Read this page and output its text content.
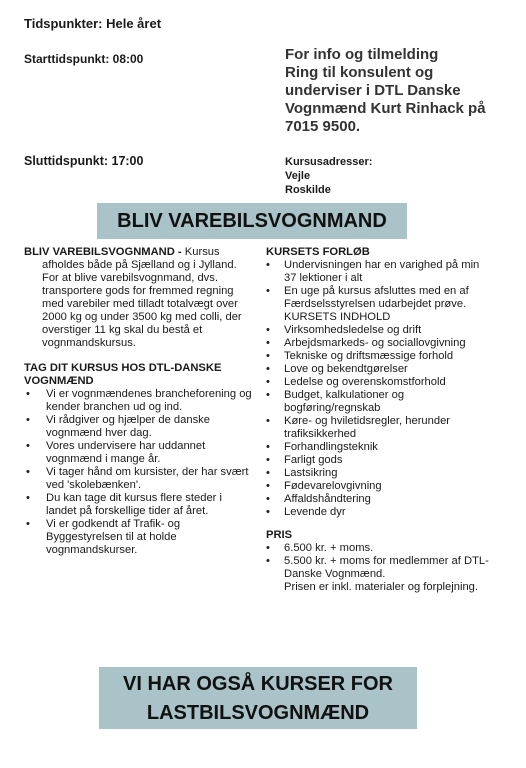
Tidspunkter: Hele året
Starttidspunkt: 08:00
Sluttidspunkt: 17:00
For info og tilmelding
Ring til konsulent og
underviser i DTL Danske
Vognmænd Kurt Rinhack på
7015 9500.
Kursusadresser:
Vejle
Roskilde
BLIV VAREBILSVOGNMAND
BLIV VAREBILSVOGNMAND - Kursus
afholdes både på Sjælland og i Jylland.
For at blive varebilsvognmand, dvs.
transportere gods for fremmed regning
med varebiler med tilladt totalvægt over
2000 kg og under 3500 kg med colli, der
overstiger 11 kg skal du bestå et
vognmandskursus.
TAG DIT KURSUS HOS DTL-DANSKE
VOGNMÆND
• Vi er vognmændenes brancheforening og
kender branchen ud og ind.
• Vi rådgiver og hjælper de danske
vognmænd hver dag.
• Vores undervisere har uddannet
vognmænd i mange år.
• Vi tager hånd om kursister, der har svært
ved 'skolebænken'.
• Du kan tage dit kursus flere steder i
landet på forskellige tider af året.
• Vi er godkendt af Trafik- og
Byggestyrelsen til at holde
vognmandskurser.
KURSETS FORLØB
• Undervisningen har en varighed på min
37 lektioner i alt
• En uge på kursus afsluttes med en af
Færdselsstyrelsen udarbejdet prøve.
KURSETS INDHOLD
• Virksomhedsledelse og drift
• Arbejdsmarkeds- og sociallovgivning
• Tekniske og driftsmæssige forhold
• Love og bekendtgørelser
• Ledelse og overenskomstforhold
• Budget, kalkulationer og
bogføring/regnskab
• Køre- og hviletidsregler, herunder
trafiksikkerhed
• Forhandlingsteknik
• Farligt gods
• Lastsikring
• Fødevarelovgivning
• Affaldshåndtering
• Levende dyr
PRIS
• 6.500 kr. + moms.
• 5.500 kr. + moms for medlemmer af DTL-
Danske Vognmænd.
Prisen er inkl. materialer og forplejning.
VI HAR OGSÅ KURSER FOR
LASTBILSVOGNMÆND
